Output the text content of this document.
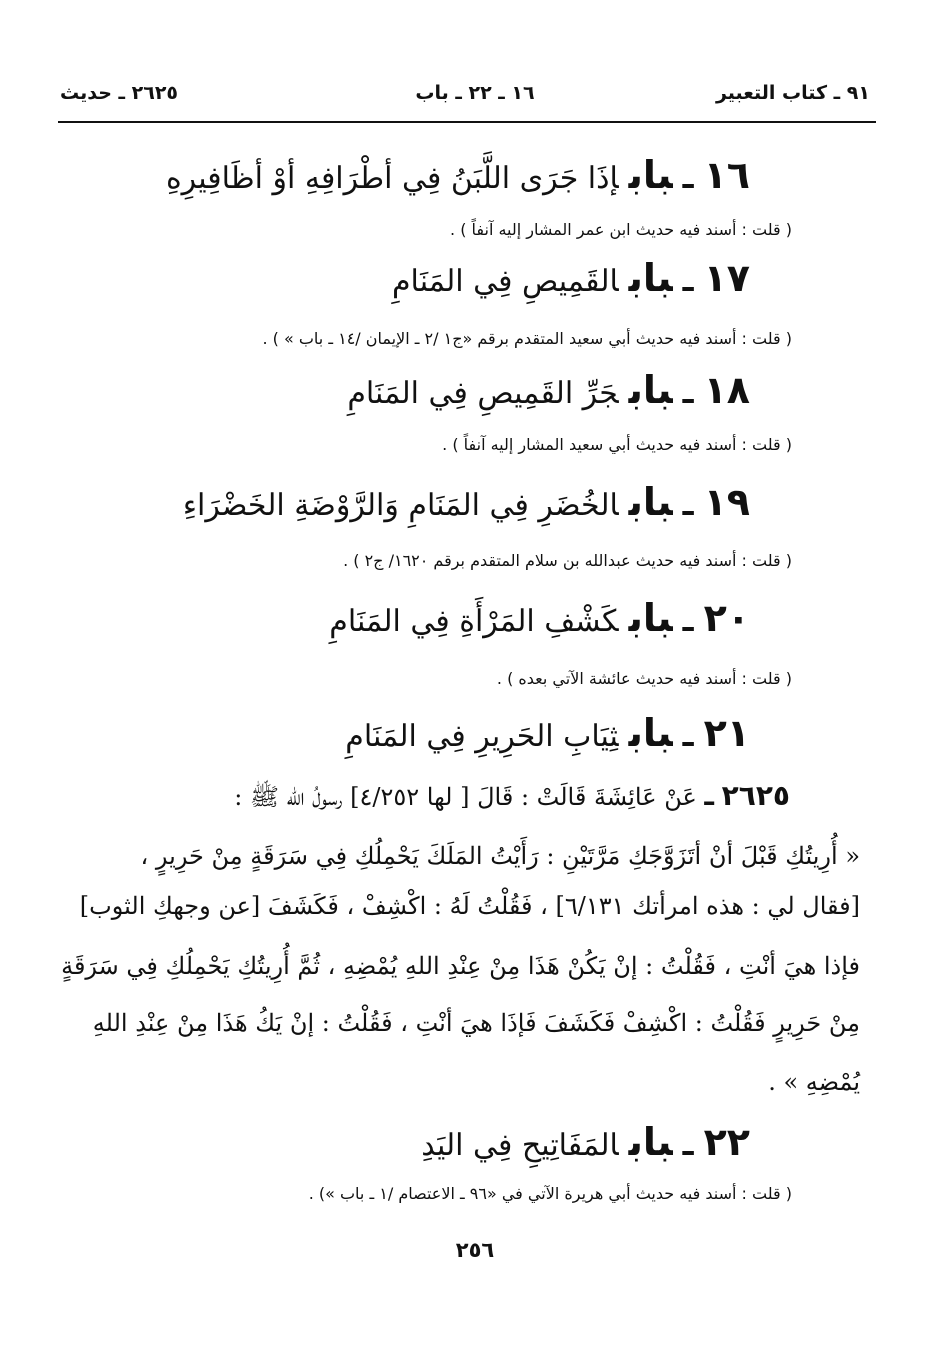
٩١ ـ كتاب التعبير
١٦ ـ ٢٢ ـ باب
٢٦٢٥ ـ حديث
١٦ـبابإذَا جَرَى اللَّبَنُ فِي أطْرَافِهِ أوْ أظَافِيرِهِ
( قلت : أسند فيه حديث ابن عمر المشار إليه آنفاً ) .
١٧ـبابالقَمِيصِ فِي المَنَامِ
( قلت : أسند فيه حديث أبي سعيد المتقدم برقم «ج١ /٢ ـ الإيمان /١٤ ـ باب » ) .
١٨ـبابجَرِّ القَمِيصِ فِي المَنَامِ
( قلت : أسند فيه حديث أبي سعيد المشار إليه آنفاً ) .
١٩ـبابالخُضَرِ فِي المَنَامِ وَالرَّوْضَةِ الخَضْرَاءِ
( قلت : أسند فيه حديث عبدالله بن سلام المتقدم برقم ١٦٢٠/ ج٢ ) .
٢٠ـبابكَشْفِ المَرْأَةِ فِي المَنَامِ
( قلت : أسند فيه حديث عائشة الآتي بعده ) .
٢١ـبابثِيَابِ الحَرِيرِ فِي المَنَامِ
٢٦٢٥ ـ عَنْ عَائِشَةَ قَالَتْ : قَالَ [ لها ٤/٢٥٢] رسولُ الله ﷺ :
« أُرِيتُكِ قَبْلَ أنْ أتَزَوَّجَكِ مَرَّتَيْنِ : رَأَيْتُ المَلَكَ يَحْمِلُكِ فِي سَرَقَةٍ مِنْ حَرِيرٍ ،
[فقال لي : هذه امرأتك ٦/١٣١] ، فَقُلْتُ لَهُ : اكْشِفْ ، فَكَشَفَ [عن وجهكِ الثوب]
فإذا هيَ أنْتِ ، فَقُلْتُ : إنْ يَكُنْ هَذَا مِنْ عِنْدِ اللهِ يُمْضِهِ ، ثُمَّ أُرِيتُكِ يَحْمِلُكِ فِي سَرَقَةٍ
مِنْ حَرِيرٍ فَقُلْتُ : اكْشِفْ فَكَشَفَ فَإذَا هيَ أنْتِ ، فَقُلْتُ : إنْ يَكُ هَذَا مِنْ عِنْدِ اللهِ
يُمْضِهِ » .
٢٢ـبابالمَفَاتِيحِ فِي اليَدِ
( قلت : أسند فيه حديث أبي هريرة الآتي في «٩٦ ـ الاعتصام /١ ـ باب ») .
٢٥٦
